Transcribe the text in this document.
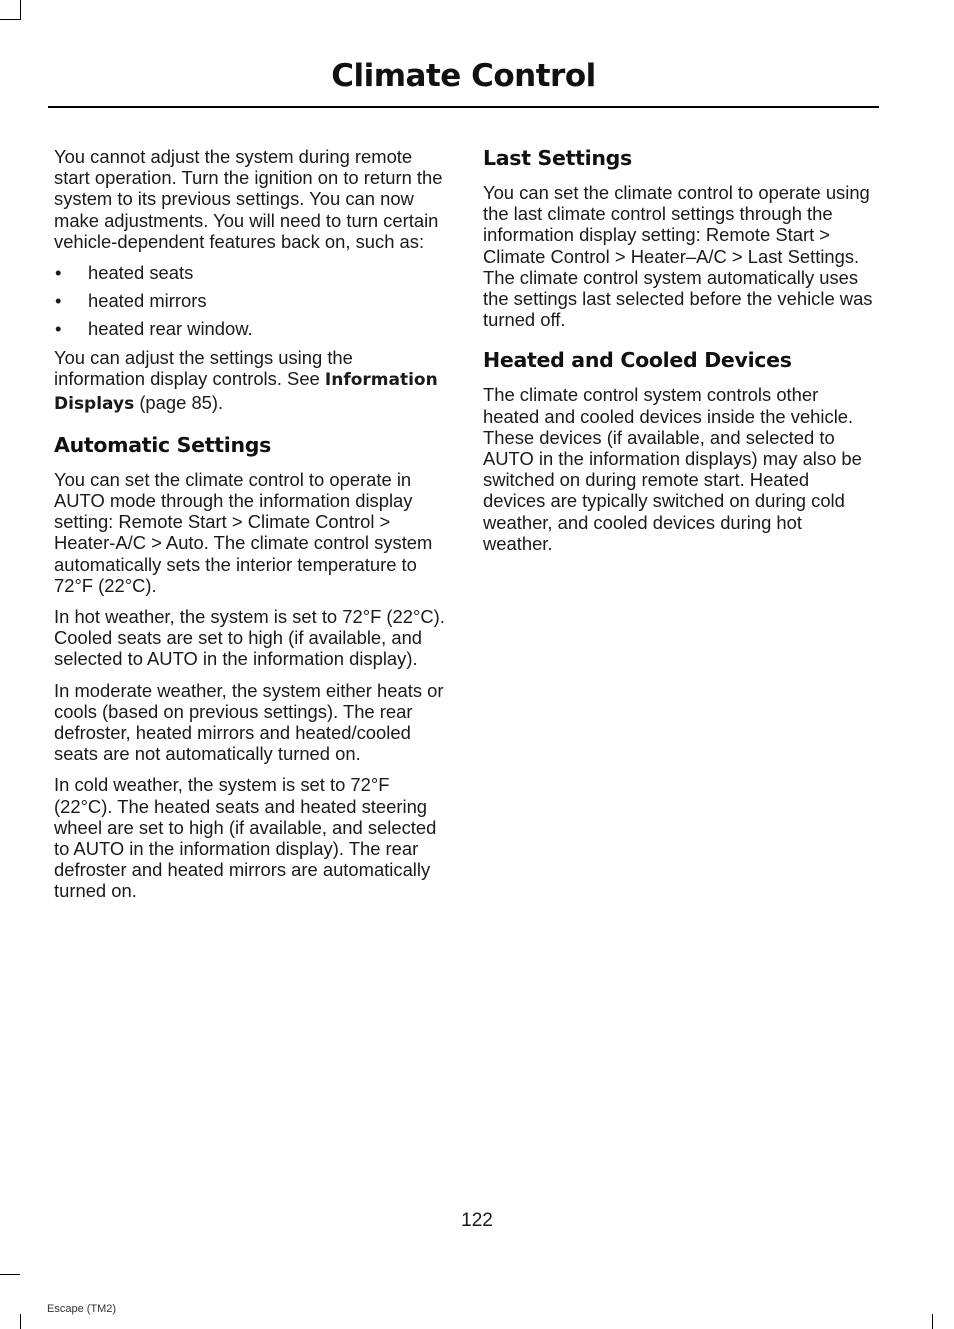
Climate Control

You cannot adjust the system during remote start operation. Turn the ignition on to return the system to its previous settings. You can now make adjustments. You will need to turn certain vehicle-dependent features back on, such as:

• heated seats
• heated mirrors
• heated rear window.

You can adjust the settings using the information display controls. See Information Displays (page 85).

Automatic Settings

You can set the climate control to operate in AUTO mode through the information display setting: Remote Start > Climate Control > Heater-A/C > Auto. The climate control system automatically sets the interior temperature to 72°F (22°C).

In hot weather, the system is set to 72°F (22°C). Cooled seats are set to high (if available, and selected to AUTO in the information display).

In moderate weather, the system either heats or cools (based on previous settings). The rear defroster, heated mirrors and heated/cooled seats are not automatically turned on.

In cold weather, the system is set to 72°F (22°C). The heated seats and heated steering wheel are set to high (if available, and selected to AUTO in the information display). The rear defroster and heated mirrors are automatically turned on.

Last Settings

You can set the climate control to operate using the last climate control settings through the information display setting: Remote Start > Climate Control > Heater–A/C > Last Settings. The climate control system automatically uses the settings last selected before the vehicle was turned off.

Heated and Cooled Devices

The climate control system controls other heated and cooled devices inside the vehicle. These devices (if available, and selected to AUTO in the information displays) may also be switched on during remote start. Heated devices are typically switched on during cold weather, and cooled devices during hot weather.

122
Escape (TM2)
